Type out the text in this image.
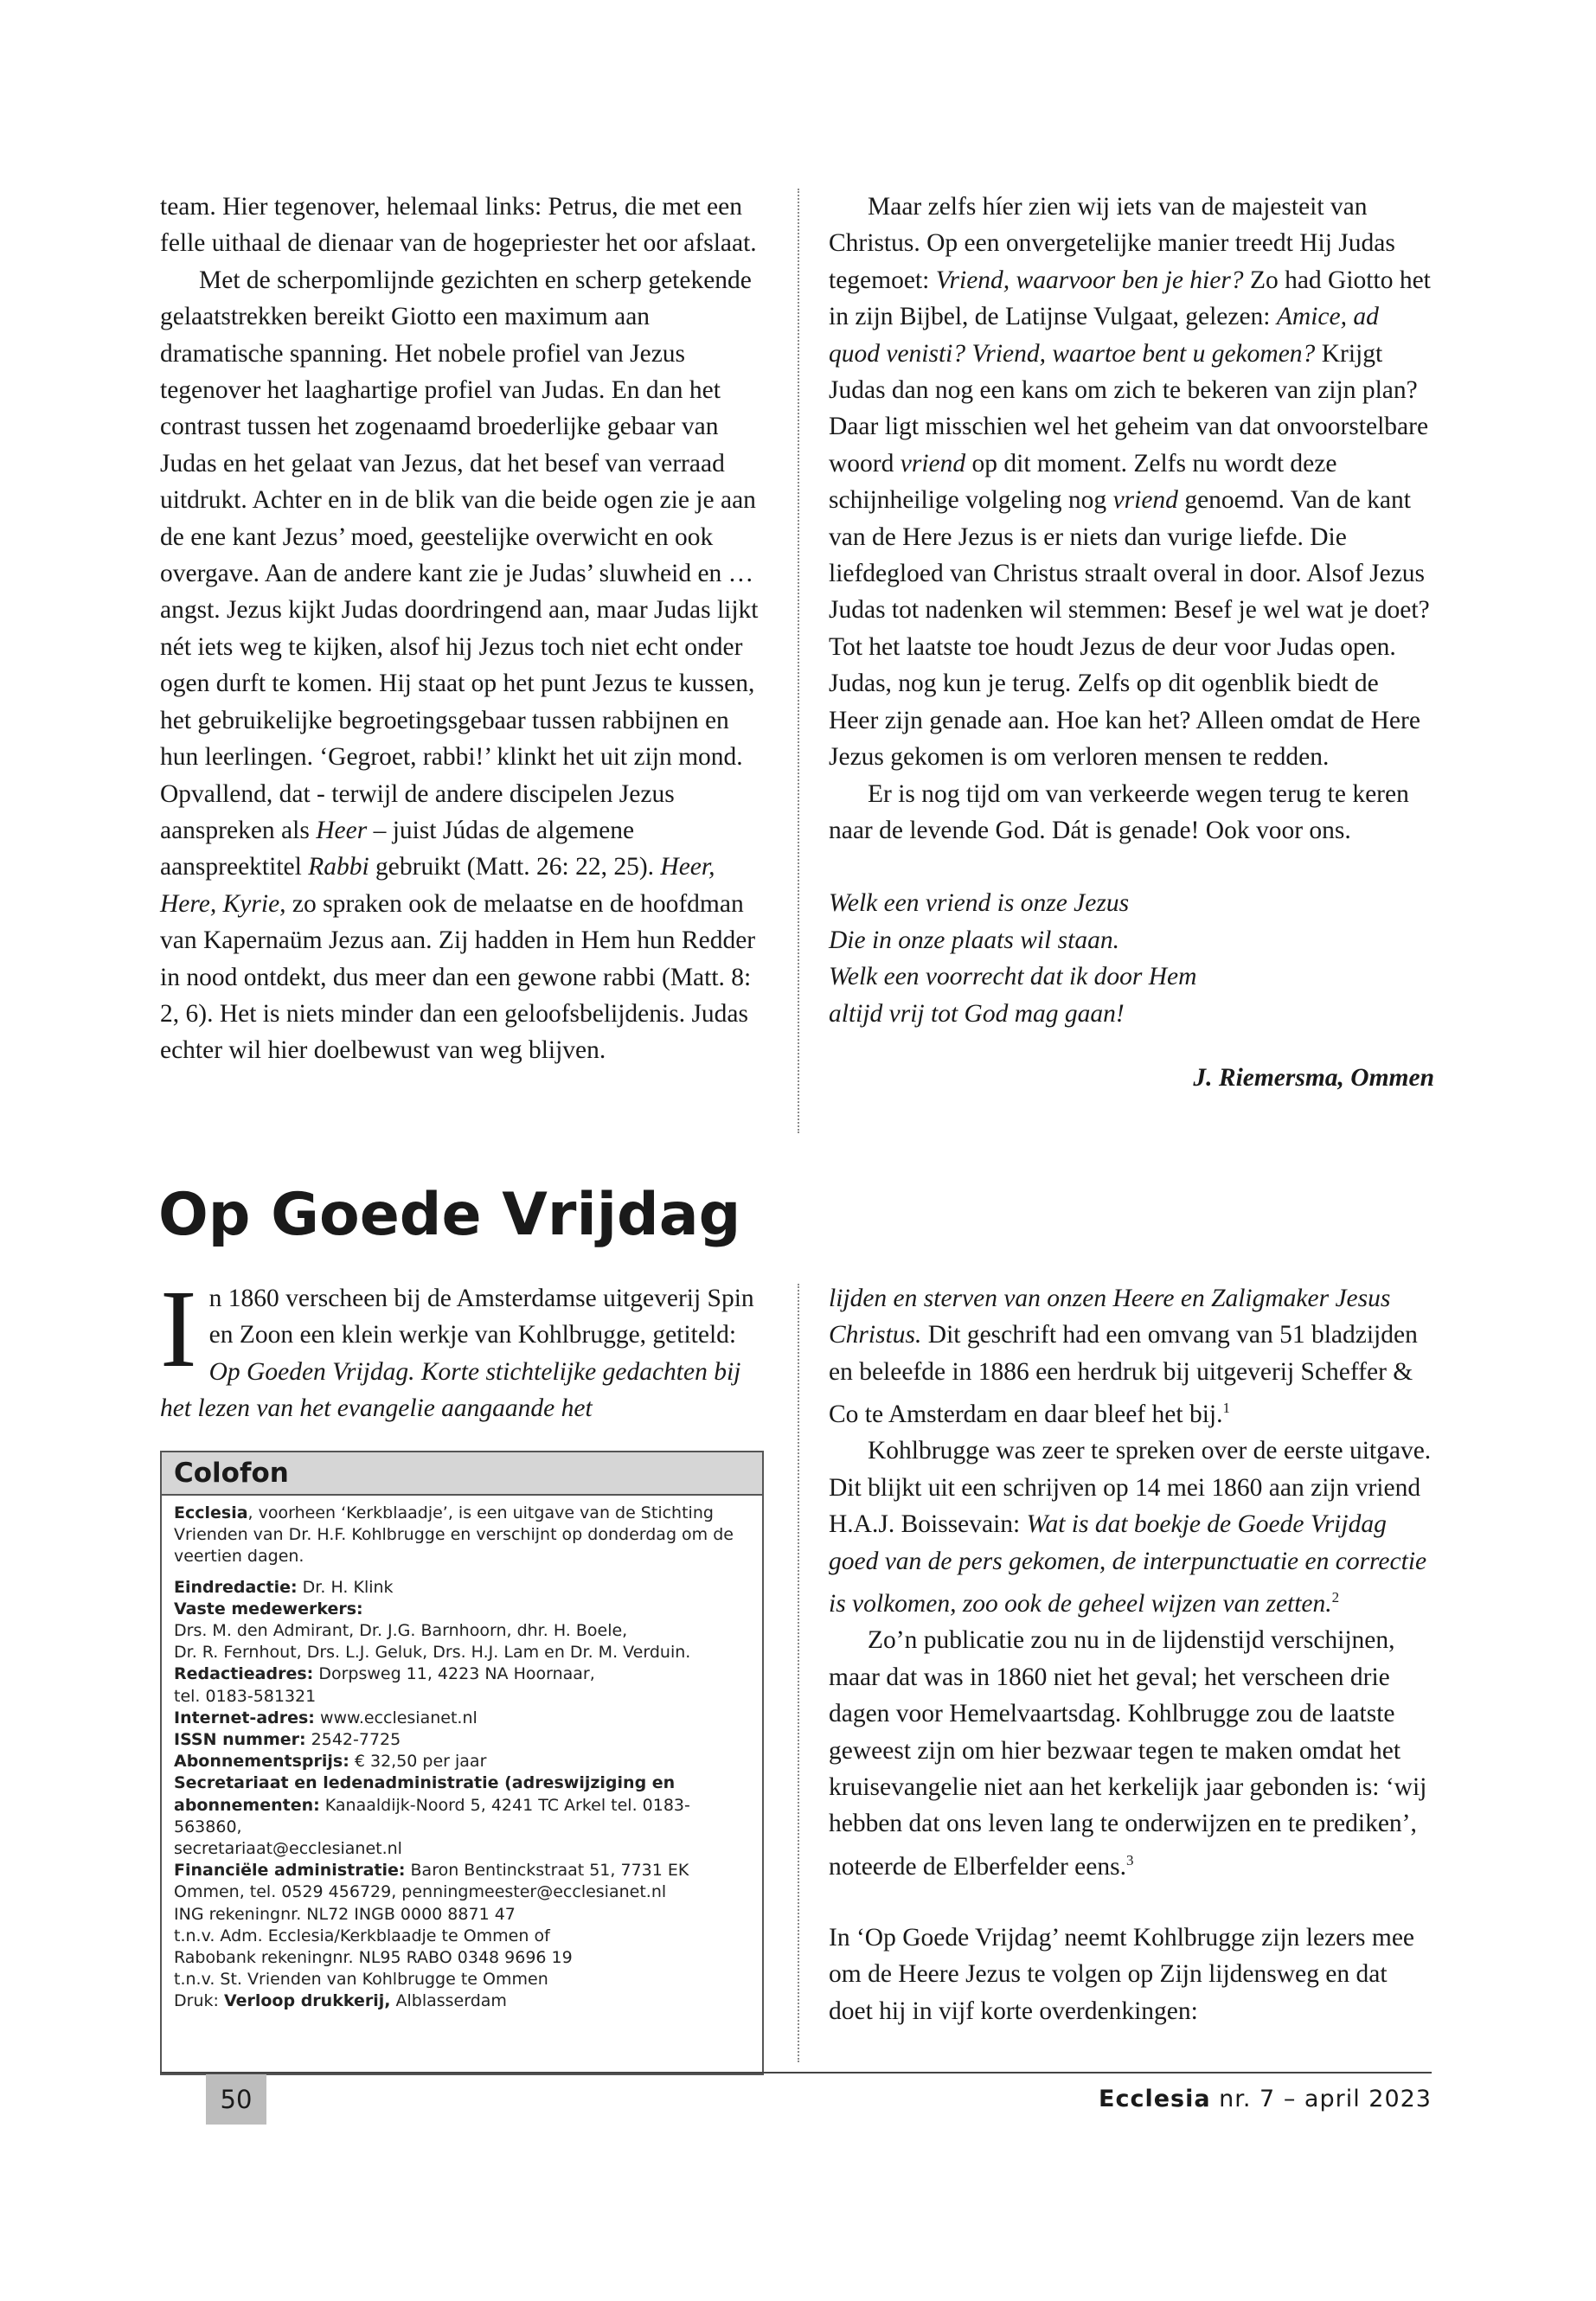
team. Hier tegenover, helemaal links: Petrus, die met een felle uithaal de dienaar van de hogepriester het oor afslaat.

Met de scherpomlijnde gezichten en scherp getekende gelaatstrekken bereikt Giotto een maximum aan dramatische spanning. Het nobele profiel van Jezus tegenover het laaghartige profiel van Judas. En dan het contrast tussen het zogenaamd broederlijke gebaar van Judas en het gelaat van Jezus, dat het besef van verraad uitdrukt. Achter en in de blik van die beide ogen zie je aan de ene kant Jezus’ moed, geestelijke overwicht en ook overgave. Aan de andere kant zie je Judas’ sluwheid en … angst. Jezus kijkt Judas doordringend aan, maar Judas lijkt nét iets weg te kijken, alsof hij Jezus toch niet echt onder ogen durft te komen. Hij staat op het punt Jezus te kussen, het gebruikelijke begroetingsgebaar tussen rabbijnen en hun leerlingen. ‘Gegroet, rabbi!’ klinkt het uit zijn mond. Opvallend, dat - terwijl de andere discipelen Jezus aanspreken als Heer – juist Júdas de algemene aanspreektitel Rabbi gebruikt (Matt. 26: 22, 25). Heer, Here, Kyrie, zo spraken ook de melaatse en de hoofdman van Kapernaüm Jezus aan. Zij hadden in Hem hun Redder in nood ontdekt, dus meer dan een gewone rabbi (Matt. 8: 2, 6). Het is niets minder dan een geloofsbelijdenis. Judas echter wil hier doelbewust van weg blijven.

Maar zelfs híer zien wij iets van de majesteit van Christus. Op een onvergetelijke manier treedt Hij Judas tegemoet: Vriend, waarvoor ben je hier? Zo had Giotto het in zijn Bijbel, de Latijnse Vulgaat, gelezen: Amice, ad quod venisti? Vriend, waartoe bent u gekomen? Krijgt Judas dan nog een kans om zich te bekeren van zijn plan? Daar ligt misschien wel het geheim van dat onvoorstelbare woord vriend op dit moment. Zelfs nu wordt deze schijnheilige volgeling nog vriend genoemd. Van de kant van de Here Jezus is er niets dan vurige liefde. Die liefdegloed van Christus straalt overal in door. Alsof Jezus Judas tot nadenken wil stemmen: Besef je wel wat je doet? Tot het laatste toe houdt Jezus de deur voor Judas open. Judas, nog kun je terug. Zelfs op dit ogenblik biedt de Heer zijn genade aan. Hoe kan het? Alleen omdat de Here Jezus gekomen is om verloren mensen te redden.

Er is nog tijd om van verkeerde wegen terug te keren naar de levende God. Dát is genade! Ook voor ons.

Welk een vriend is onze Jezus
Die in onze plaats wil staan.
Welk een voorrecht dat ik door Hem
altijd vrij tot God mag gaan!
J. Riemersma, Ommen
Op Goede Vrijdag

In 1860 verscheen bij de Amsterdamse uitgeverij Spin en Zoon een klein werkje van Kohlbrugge, getiteld: Op Goeden Vrijdag. Korte stichtelijke gedachten bij het lezen van het evangelie aangaande het

Colofon
Ecclesia, voorheen ‘Kerkblaadje’, is een uitgave van de Stichting Vrienden van Dr. H.F. Kohlbrugge en verschijnt op donderdag om de veertien dagen.
Eindredactie: Dr. H. Klink
Vaste medewerkers:
Drs. M. den Admirant, Dr. J.G. Barnhoorn, dhr. H. Boele,
Dr. R. Fernhout, Drs. L.J. Geluk, Drs. H.J. Lam en Dr. M. Verduin.
Redactieadres: Dorpsweg 11, 4223 NA Hoornaar,
tel. 0183-581321
Internet-adres: www.ecclesianet.nl
ISSN nummer: 2542-7725
Abonnementsprijs: € 32,50 per jaar
Secretariaat en ledenadministratie (adreswijziging en abonnementen: Kanaaldijk-Noord 5, 4241 TC Arkel tel. 0183-563860,
secretariaat@ecclesianet.nl
Financiële administratie: Baron Bentinckstraat 51, 7731 EK Ommen, tel. 0529 456729, penningmeester@ecclesianet.nl
ING rekeningnr. NL72 INGB 0000 8871 47
t.n.v. Adm. Ecclesia/Kerkblaadje te Ommen of
Rabobank rekeningnr. NL95 RABO 0348 9696 19
t.n.v. St. Vrienden van Kohlbrugge te Ommen
Druk: Verloop drukkerij, Alblasserdam

lijden en sterven van onzen Heere en Zaligmaker Jesus Christus. Dit geschrift had een omvang van 51 bladzijden en beleefde in 1886 een herdruk bij uitgeverij Scheffer & Co te Amsterdam en daar bleef het bij.$^1$

Kohlbrugge was zeer te spreken over de eerste uitgave. Dit blijkt uit een schrijven op 14 mei 1860 aan zijn vriend H.A.J. Boissevain: Wat is dat boekje de Goede Vrijdag goed van de pers gekomen, de interpunctuatie en correctie is volkomen, zoo ook de geheel wijzen van zetten.$^2$

Zo’n publicatie zou nu in de lijdenstijd verschijnen, maar dat was in 1860 niet het geval; het verscheen drie dagen voor Hemelvaartsdag. Kohlbrugge zou de laatste geweest zijn om hier bezwaar tegen te maken omdat het kruisevangelie niet aan het kerkelijk jaar gebonden is: ‘wij hebben dat ons leven lang te onderwijzen en te prediken’, noteerde de Elberfelder eens.$^3$

In ‘Op Goede Vrijdag’ neemt Kohlbrugge zijn lezers mee om de Heere Jezus te volgen op Zijn lijdensweg en dat doet hij in vijf korte overdenkingen:

50	Ecclesia nr. 7 – april 2023
